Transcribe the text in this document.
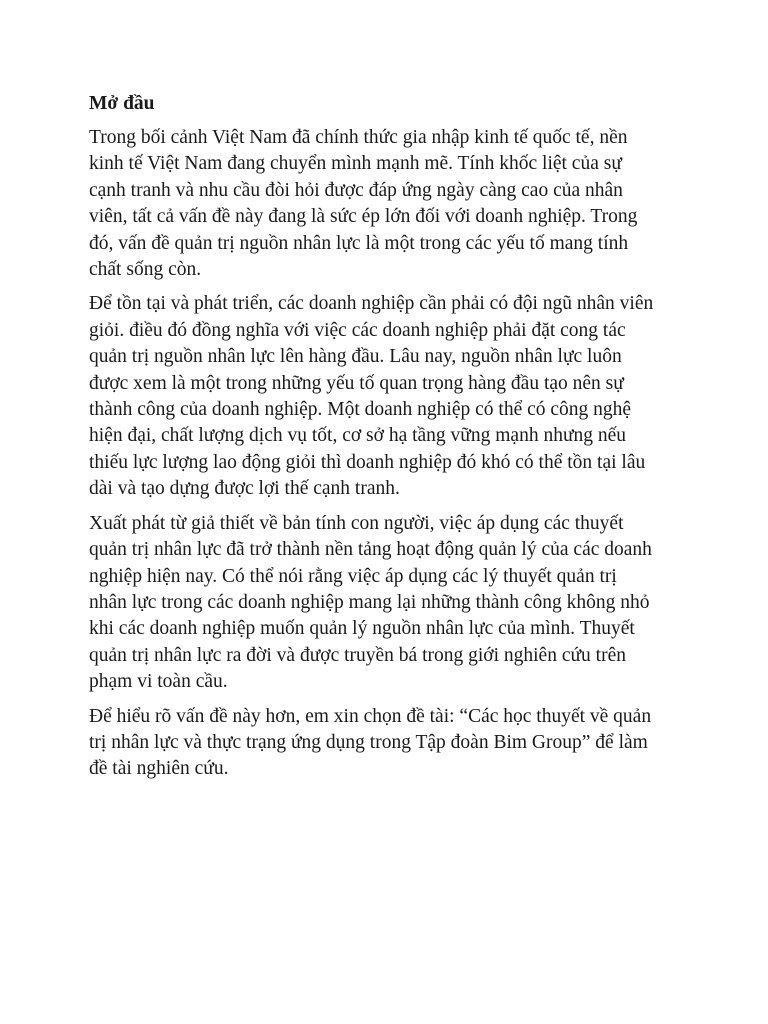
Mở đầu
Trong bối cảnh Việt Nam đã chính thức gia nhập kinh tế quốc tế, nền
kinh tế Việt Nam đang chuyển mình mạnh mẽ. Tính khốc liệt của sự
cạnh tranh và nhu cầu đòi hỏi được đáp ứng ngày càng cao của nhân
viên, tất cả vấn đề này đang là sức ép lớn đối với doanh nghiệp. Trong
đó, vấn đề quản trị nguồn nhân lực là một trong các yếu tố mang tính
chất sống còn.
Để tồn tại và phát triển, các doanh nghiệp cần phải có đội ngũ nhân viên
giỏi. điều đó đồng nghĩa với việc các doanh nghiệp phải đặt cong tác
quản trị nguồn nhân lực lên hàng đầu. Lâu nay, nguồn nhân lực luôn
được xem là một trong những yếu tố quan trọng hàng đầu tạo nên sự
thành công của doanh nghiệp. Một doanh nghiệp có thể có công nghệ
hiện đại, chất lượng dịch vụ tốt, cơ sở hạ tầng vững mạnh nhưng nếu
thiếu lực lượng lao động giỏi thì doanh nghiệp đó khó có thể tồn tại lâu
dài và tạo dựng được lợi thế cạnh tranh.
Xuất phát từ giả thiết về bản tính con người, việc áp dụng các thuyết
quản trị nhân lực đã trở thành nền tảng hoạt động quản lý của các doanh
nghiệp hiện nay. Có thể nói rằng việc áp dụng các lý thuyết quản trị
nhân lực trong các doanh nghiệp mang lại những thành công không nhỏ
khi các doanh nghiệp muốn quản lý nguồn nhân lực của mình. Thuyết
quản trị nhân lực ra đời và được truyền bá trong giới nghiên cứu trên
phạm vi toàn cầu.
Để hiểu rõ vấn đề này hơn, em xin chọn đề tài: “Các học thuyết về quản
trị nhân lực và thực trạng ứng dụng trong Tập đoàn Bim Group” để làm
đề tài nghiên cứu.
